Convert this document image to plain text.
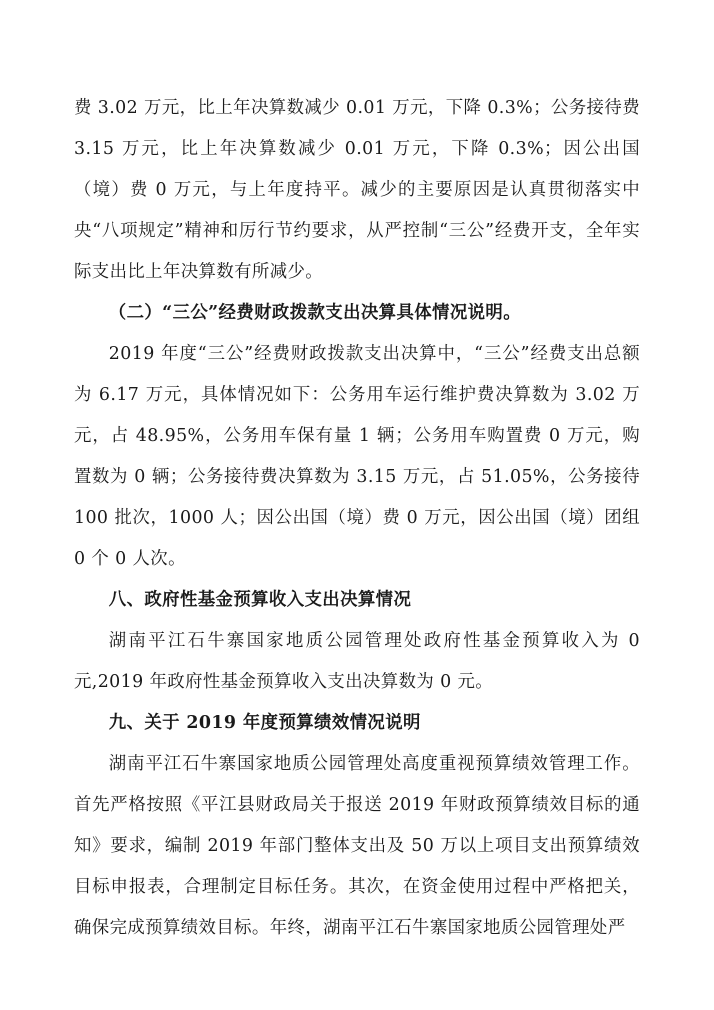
费 3.02 万元，比上年决算数减少 0.01 万元，下降 0.3%；公务接待费 3.15 万元，比上年决算数减少 0.01 万元，下降 0.3%；因公出国（境）费 0 万元，与上年度持平。减少的主要原因是认真贯彻落实中央“八项规定”精神和厉行节约要求，从严控制“三公”经费开支，全年实际支出比上年决算数有所减少。

（二）“三公”经费财政拨款支出决算具体情况说明。

2019 年度“三公”经费财政拨款支出决算中，“三公”经费支出总额为 6.17 万元，具体情况如下：公务用车运行维护费决算数为 3.02 万元，占 48.95%，公务用车保有量 1 辆；公务用车购置费 0 万元，购置数为 0 辆；公务接待费决算数为 3.15 万元，占 51.05%，公务接待 100 批次，1000 人；因公出国（境）费 0 万元，因公出国（境）团组 0 个 0 人次。

八、政府性基金预算收入支出决算情况

湖南平江石牛寨国家地质公园管理处政府性基金预算收入为 0 元,2019 年政府性基金预算收入支出决算数为 0 元。

九、关于 2019 年度预算绩效情况说明

湖南平江石牛寨国家地质公园管理处高度重视预算绩效管理工作。首先严格按照《平江县财政局关于报送 2019 年财政预算绩效目标的通知》要求，编制 2019 年部门整体支出及 50 万以上项目支出预算绩效目标申报表，合理制定目标任务。其次，在资金使用过程中严格把关，确保完成预算绩效目标。年终，湖南平江石牛寨国家地质公园管理处严
